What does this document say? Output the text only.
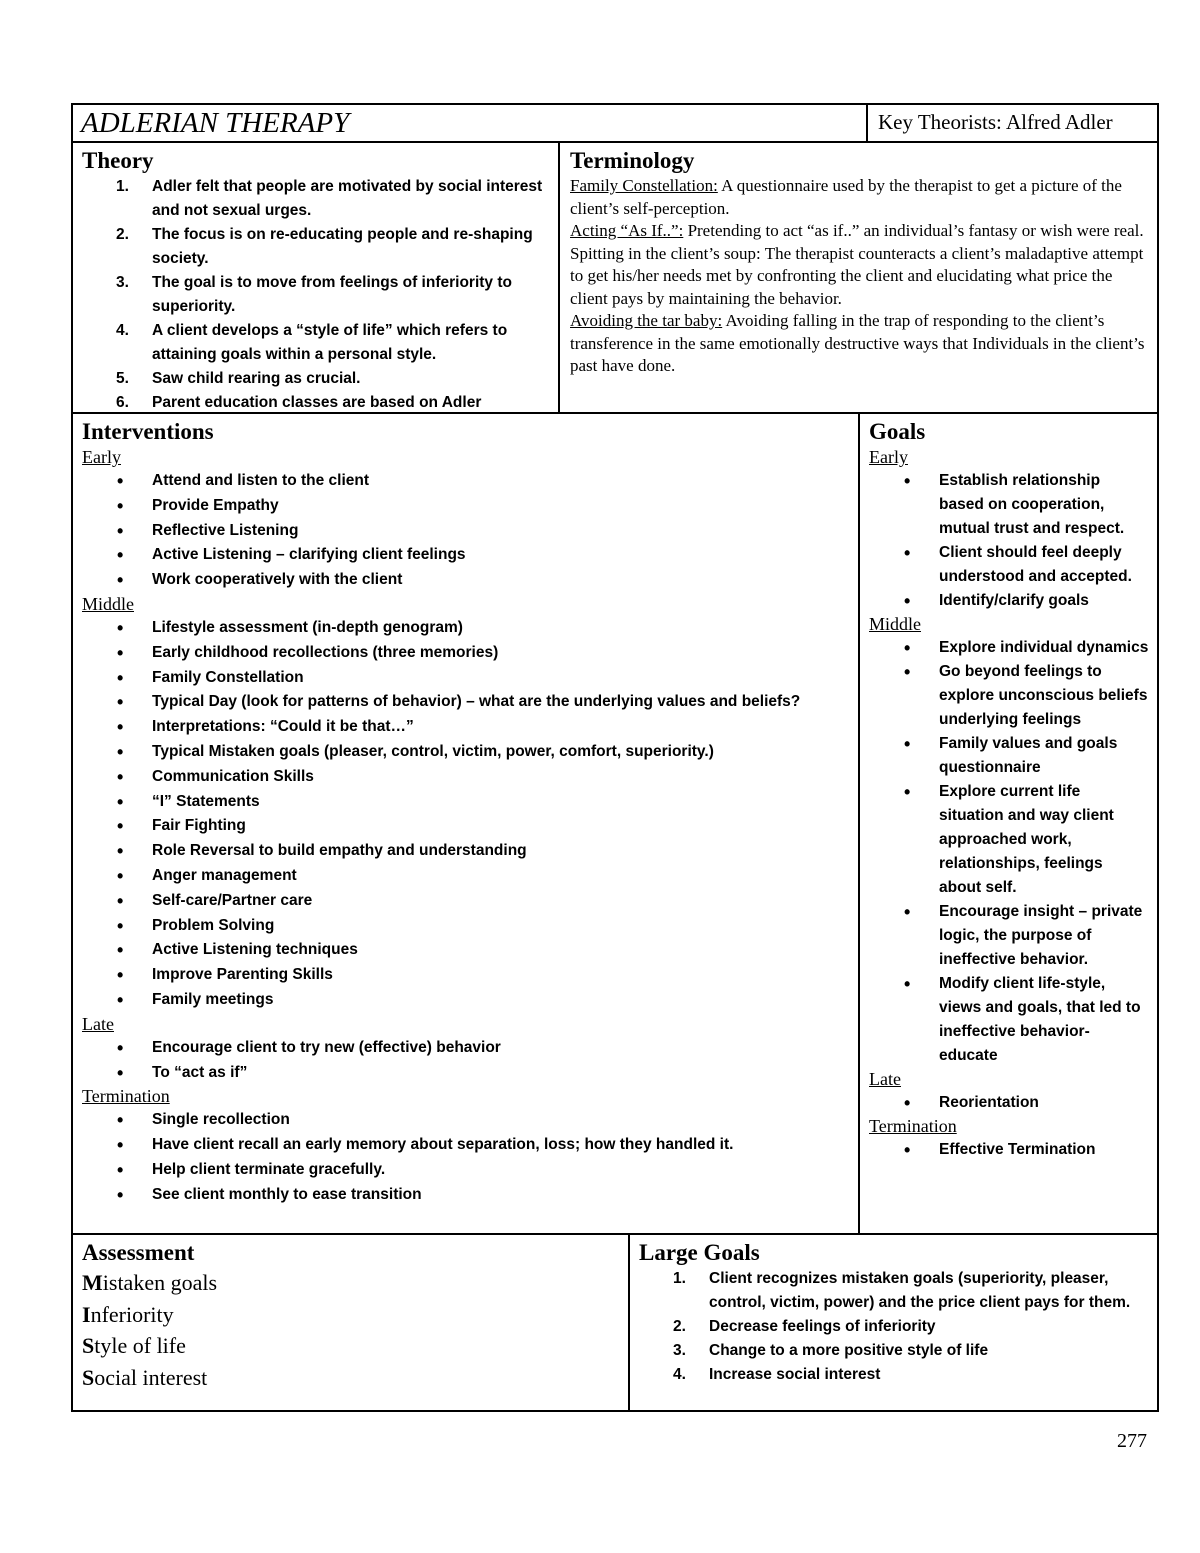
ADLERIAN THERAPY	Key Theorists: Alfred Adler
Theory
1. Adler felt that people are motivated by social interest and not sexual urges.
2. The focus is on re-educating people and re-shaping society.
3. The goal is to move from feelings of inferiority to superiority.
4. A client develops a “style of life” which refers to attaining goals within a personal style.
5. Saw child rearing as crucial.
6. Parent education classes are based on Adler
Terminology

Family Constellation: A questionnaire used by the therapist to get a picture of the client’s self-perception.

Acting “As If..”: Pretending to act “as if..” an individual’s fantasy or wish were real.

Spitting in the client’s soup: The therapist counteracts a client’s maladaptive attempt to get his/her needs met by confronting the client and elucidating what price the client pays by maintaining the behavior.

Avoiding the tar baby: Avoiding falling in the trap of responding to the client’s transference in the same emotionally destructive ways that Individuals in the client’s past have done.

Interventions
Early
• Attend and listen to the client
• Provide Empathy
• Reflective Listening
• Active Listening – clarifying client feelings
• Work cooperatively with the client
Middle
• Lifestyle assessment (in-depth genogram)
• Early childhood recollections (three memories)
• Family Constellation
• Typical Day (look for patterns of behavior) – what are the underlying values and beliefs?
• Interpretations: “Could it be that…”
• Typical Mistaken goals (pleaser, control, victim, power, comfort, superiority.)
• Communication Skills
• “I” Statements
• Fair Fighting
• Role Reversal to build empathy and understanding
• Anger management
• Self-care/Partner care
• Problem Solving
• Active Listening techniques
• Improve Parenting Skills
• Family meetings
Late
• Encourage client to try new (effective) behavior
• To “act as if”
Termination
• Single recollection
• Have client recall an early memory about separation, loss; how they handled it.
• Help client terminate gracefully.
• See client monthly to ease transition
Goals
Early
• Establish relationship based on cooperation, mutual trust and respect.
• Client should feel deeply understood and accepted.
• Identify/clarify goals
Middle
• Explore individual dynamics
• Go beyond feelings to explore unconscious beliefs underlying feelings
• Family values and goals questionnaire
• Explore current life situation and way client approached work, relationships, feelings about self.
• Encourage insight – private logic, the purpose of ineffective behavior.
• Modify client life-style, views and goals, that led to ineffective behavior- educate
Late
• Reorientation
Termination
• Effective Termination
Assessment
Mistaken goals
Inferiority
Style of life
Social interest
Large Goals
1. Client recognizes mistaken goals (superiority, pleaser, control, victim, power) and the price client pays for them.
2. Decrease feelings of inferiority
3. Change to a more positive style of life
4. Increase social interest
277
